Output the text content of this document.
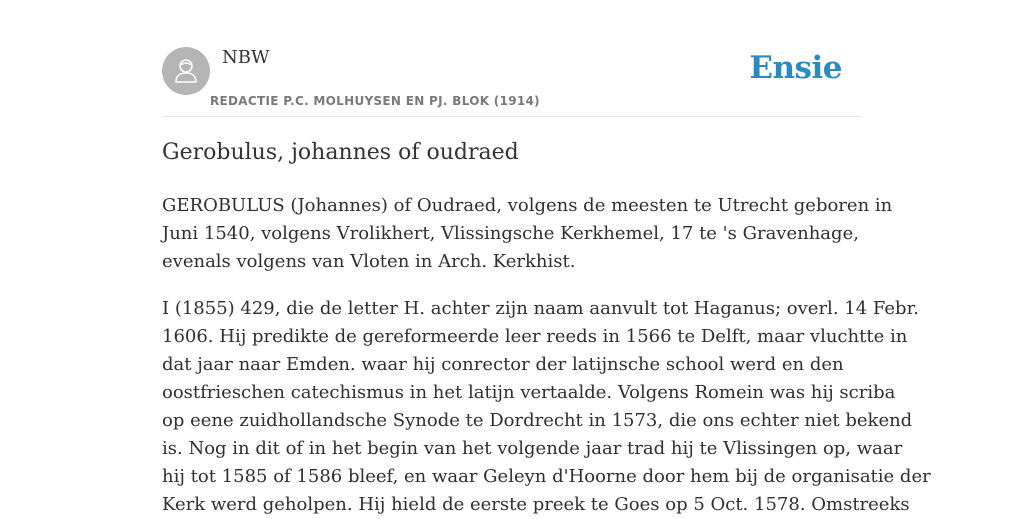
NBW
REDACTIE P.C. MOLHUYSEN EN PJ. BLOK (1914)
Ensie
Gerobulus, johannes of oudraed

GEROBULUS (Johannes) of Oudraed, volgens de meesten te Utrecht geboren in
Juni 1540, volgens Vrolikhert, Vlissingsche Kerkhemel, 17 te 's Gravenhage,
evenals volgens van Vloten in Arch. Kerkhist.

I (1855) 429, die de letter H. achter zijn naam aanvult tot Haganus; overl. 14 Febr.
1606. Hij predikte de gereformeerde leer reeds in 1566 te Delft, maar vluchtte in
dat jaar naar Emden. waar hij conrector der latijnsche school werd en den
oostfrieschen catechismus in het latijn vertaalde. Volgens Romein was hij scriba
op eene zuidhollandsche Synode te Dordrecht in 1573, die ons echter niet bekend
is. Nog in dit of in het begin van het volgende jaar trad hij te Vlissingen op, waar
hij tot 1585 of 1586 bleef, en waar Geleyn d'Hoorne door hem bij de organisatie der
Kerk werd geholpen. Hij hield de eerste preek te Goes op 5 Oct. 1578. Omstreeks
